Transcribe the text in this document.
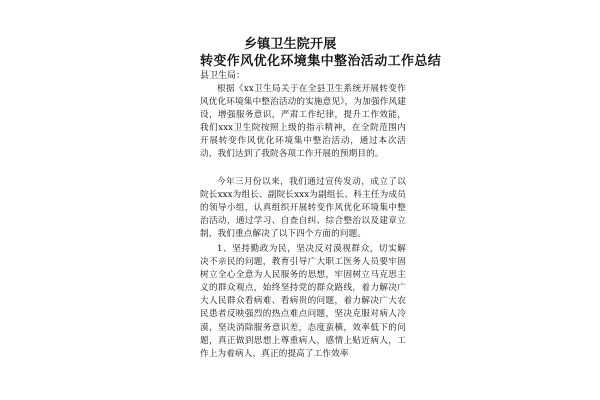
乡镇卫生院开展
转变作风优化环境集中整治活动工作总结
县卫生局：
根据《xx卫生局关于在全县卫生系统开展转变作风优化环境集中整治活动的实施意见》，为加强作风建设，增强服务意识，严肃工作纪律，提升工作效能，我们xxx卫生院按照上级的指示精神，在全院范围内开展转变作风优化环境集中整治活动，通过本次活动，我们达到了我院各项工作开展的预期目的。
今年三月份以来，我们通过宣传发动，成立了以院长xxx为组长、副院长xxx为副组长、科主任为成员的领导小组，认真组织开展转变作风优化环境集中整治活动，通过学习、自查自纠、综合整治以及建章立制，我们重点解决了以下四个方面的问题。
1、坚持勤政为民，坚决反对漠视群众，切实解决不亲民的问题，教育引导广大职工医务人员要牢固树立全心全意为人民服务的思想，牢固树立马克思主义的群众观点，始终坚持党的群众路线，着力解决广大人民群众看病难、看病贵的问题，着力解决广大农民患者反映强烈的热点难点问题，坚决克服对病人冷漠，坚决消除服务意识差，态度蛮横，效率低下的问题，真正做到思想上尊重病人，感情上贴近病人，工作上为着病人，真正的提高了工作效率
